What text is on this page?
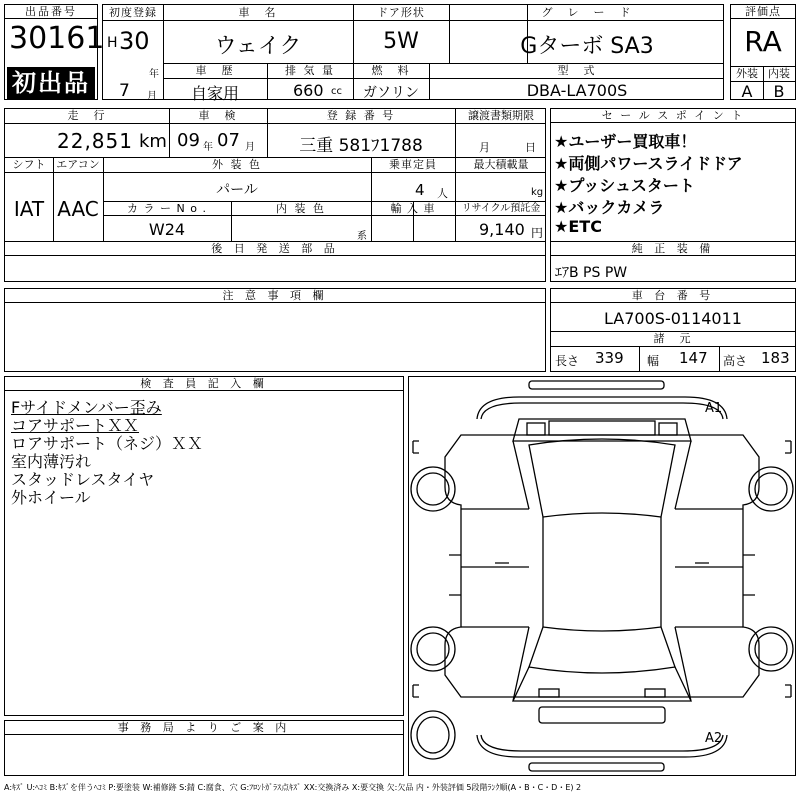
出品番号
30161
初出品
初度登録	車　名	ドア形状	グ　レ　ー　ド
H 30
年
7 月
ウェイク	5W	Gターボ SA3
車　歴	排 気 量	燃　料	型　式
自家用	660 cc	ガソリン	DBA-LA700S
評価点
RA
外装 内装
A	B
走　行	車　検	登 録 番 号	譲渡書類期限
22,851 km 09 年 07 月	三重 581ﾌ1788	月	日
シフト エアコン
IAT AAC
外 装 色	乗車定員	最大積載量
パール	4 人	kg
カ ラ ー N o .	内 装 色	輸 入 車	リサイクル預託金
W24	系	9,140 円
後 日 発 送 部 品
注 意 事 項 欄
セ ー ル ス ポ イ ン ト
★ユーザー買取車！
★両側パワースライドドア
★プッシュスタート
★バックカメラ
★ETC
純 正 装 備
ｴｱB PS PW
車 台 番 号
LA700S-0114011
諸　元
長さ 339 幅 147 高さ 183
検 査 員 記 入 欄
Fサイドメンバー歪み
コアサポートＸＸ
ロアサポート（ネジ）ＸＸ
室内薄汚れ
スタッドレスタイヤ
外ホイール
事 務 局 よ り ご 案 内
A1
A2
A:ｷｽﾞ U:ﾍｺﾐ B:ｷｽﾞを伴うﾍｺﾐ P:要塗装 W:補修跡 S:錆 C:腐食、穴 G:ﾌﾛﾝﾄｶﾞﾗｽ点ｷｽﾞ XX:交換済み X:要交換 欠:欠品 内・外装評価 5段階ﾗﾝｸ順(A・B・C・D・E) 2
